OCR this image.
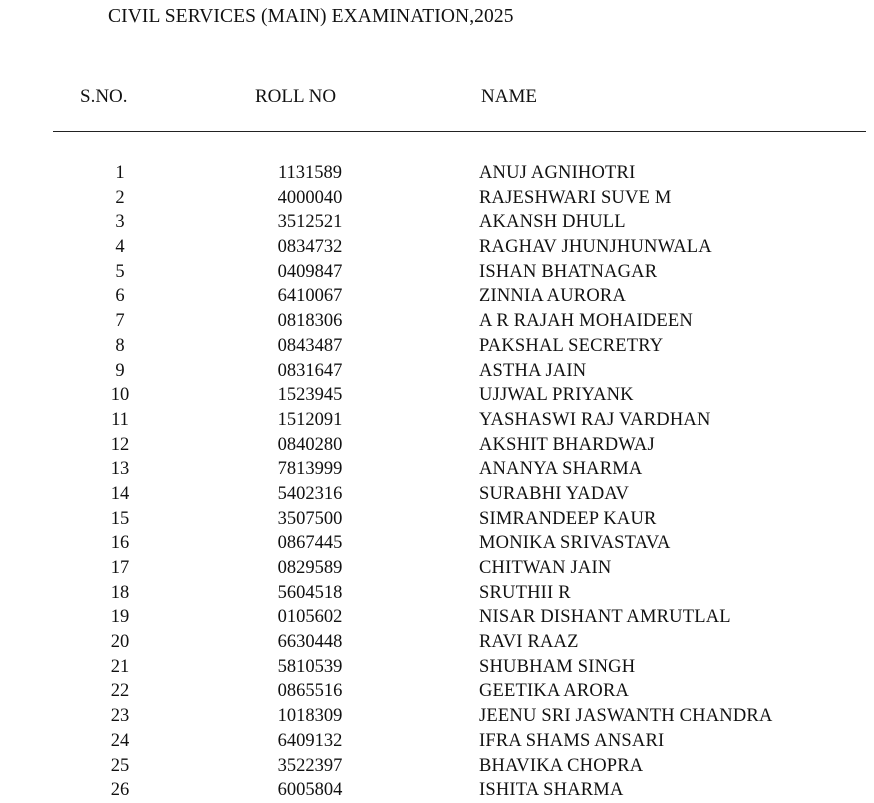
CIVIL SERVICES (MAIN) EXAMINATION,2025
S.NO.	ROLL NO	NAME
1	1131589	ANUJ AGNIHOTRI
2	4000040	RAJESHWARI SUVE M
3	3512521	AKANSH DHULL
4	0834732	RAGHAV JHUNJHUNWALA
5	0409847	ISHAN BHATNAGAR
6	6410067	ZINNIA AURORA
7	0818306	A R RAJAH MOHAIDEEN
8	0843487	PAKSHAL SECRETRY
9	0831647	ASTHA JAIN
10	1523945	UJJWAL PRIYANK
11	1512091	YASHASWI RAJ VARDHAN
12	0840280	AKSHIT BHARDWAJ
13	7813999	ANANYA SHARMA
14	5402316	SURABHI YADAV
15	3507500	SIMRANDEEP KAUR
16	0867445	MONIKA SRIVASTAVA
17	0829589	CHITWAN JAIN
18	5604518	SRUTHII R
19	0105602	NISAR DISHANT AMRUTLAL
20	6630448	RAVI RAAZ
21	5810539	SHUBHAM SINGH
22	0865516	GEETIKA ARORA
23	1018309	JEENU SRI JASWANTH CHANDRA
24	6409132	IFRA SHAMS ANSARI
25	3522397	BHAVIKA CHOPRA
26	6005804	ISHITA SHARMA
